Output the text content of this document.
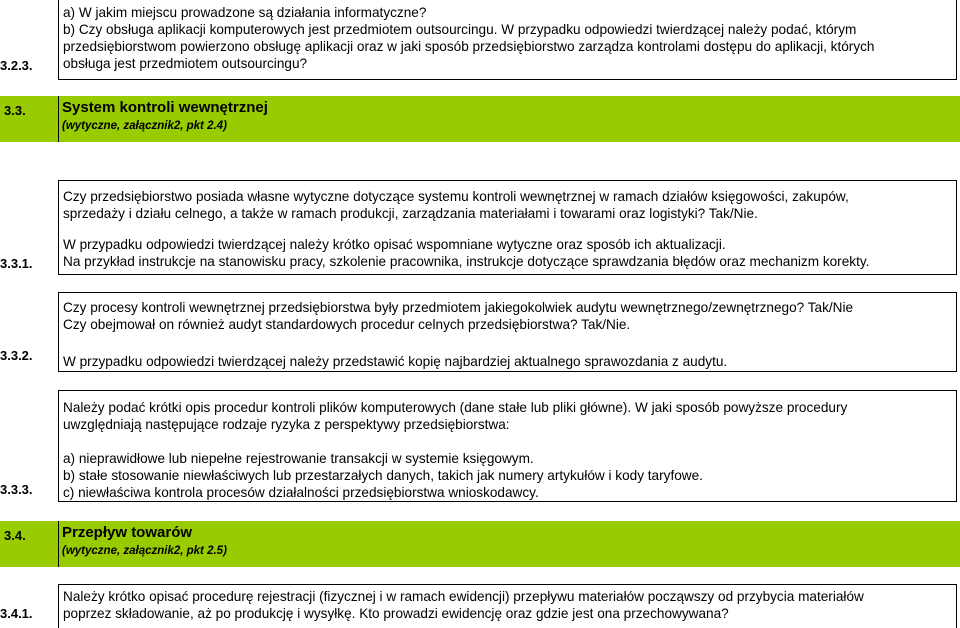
3.2.3.

a) W jakim miejscu prowadzone są działania informatyczne?

b) Czy obsługa aplikacji komputerowych jest przedmiotem outsourcingu. W przypadku odpowiedzi twierdzącej należy podać, którym

przedsiębiorstwom powierzono obsługę aplikacji oraz w jaki sposób przedsiębiorstwo zarządza kontrolami dostępu do aplikacji, których

obsługa jest przedmiotem outsourcingu?

3.3. System kontroli wewnętrznej
(wytyczne, załącznik2, pkt 2.4)
3.3.1.

Czy przedsiębiorstwo posiada własne wytyczne dotyczące systemu kontroli wewnętrznej w ramach działów księgowości, zakupów,

sprzedaży i działu celnego, a także w ramach produkcji, zarządzania materiałami i towarami oraz logistyki? Tak/Nie.

W przypadku odpowiedzi twierdzącej należy krótko opisać wspomniane wytyczne oraz sposób ich aktualizacji.

Na przykład instrukcje na stanowisku pracy, szkolenie pracownika, instrukcje dotyczące sprawdzania błędów oraz mechanizm korekty.

3.3.2.

Czy procesy kontroli wewnętrznej przedsiębiorstwa były przedmiotem jakiegokolwiek audytu wewnętrznego/zewnętrznego? Tak/Nie

Czy obejmował on również audyt standardowych procedur celnych przedsiębiorstwa? Tak/Nie.

W przypadku odpowiedzi twierdzącej należy przedstawić kopię najbardziej aktualnego sprawozdania z audytu.

3.3.3.

Należy podać krótki opis procedur kontroli plików komputerowych (dane stałe lub pliki główne). W jaki sposób powyższe procedury

uwzględniają następujące rodzaje ryzyka z perspektywy przedsiębiorstwa:

a) nieprawidłowe lub niepełne rejestrowanie transakcji w systemie księgowym.

b) stałe stosowanie niewłaściwych lub przestarzałych danych, takich jak numery artykułów i kody taryfowe.

c) niewłaściwa kontrola procesów działalności przedsiębiorstwa wnioskodawcy.

3.4. Przepływ towarów
(wytyczne, załącznik2, pkt 2.5)
3.4.1.

Należy krótko opisać procedurę rejestracji (fizycznej i w ramach ewidencji) przepływu materiałów począwszy od przybycia materiałów

poprzez składowanie, aż po produkcję i wysyłkę. Kto prowadzi ewidencję oraz gdzie jest ona przechowywana?
